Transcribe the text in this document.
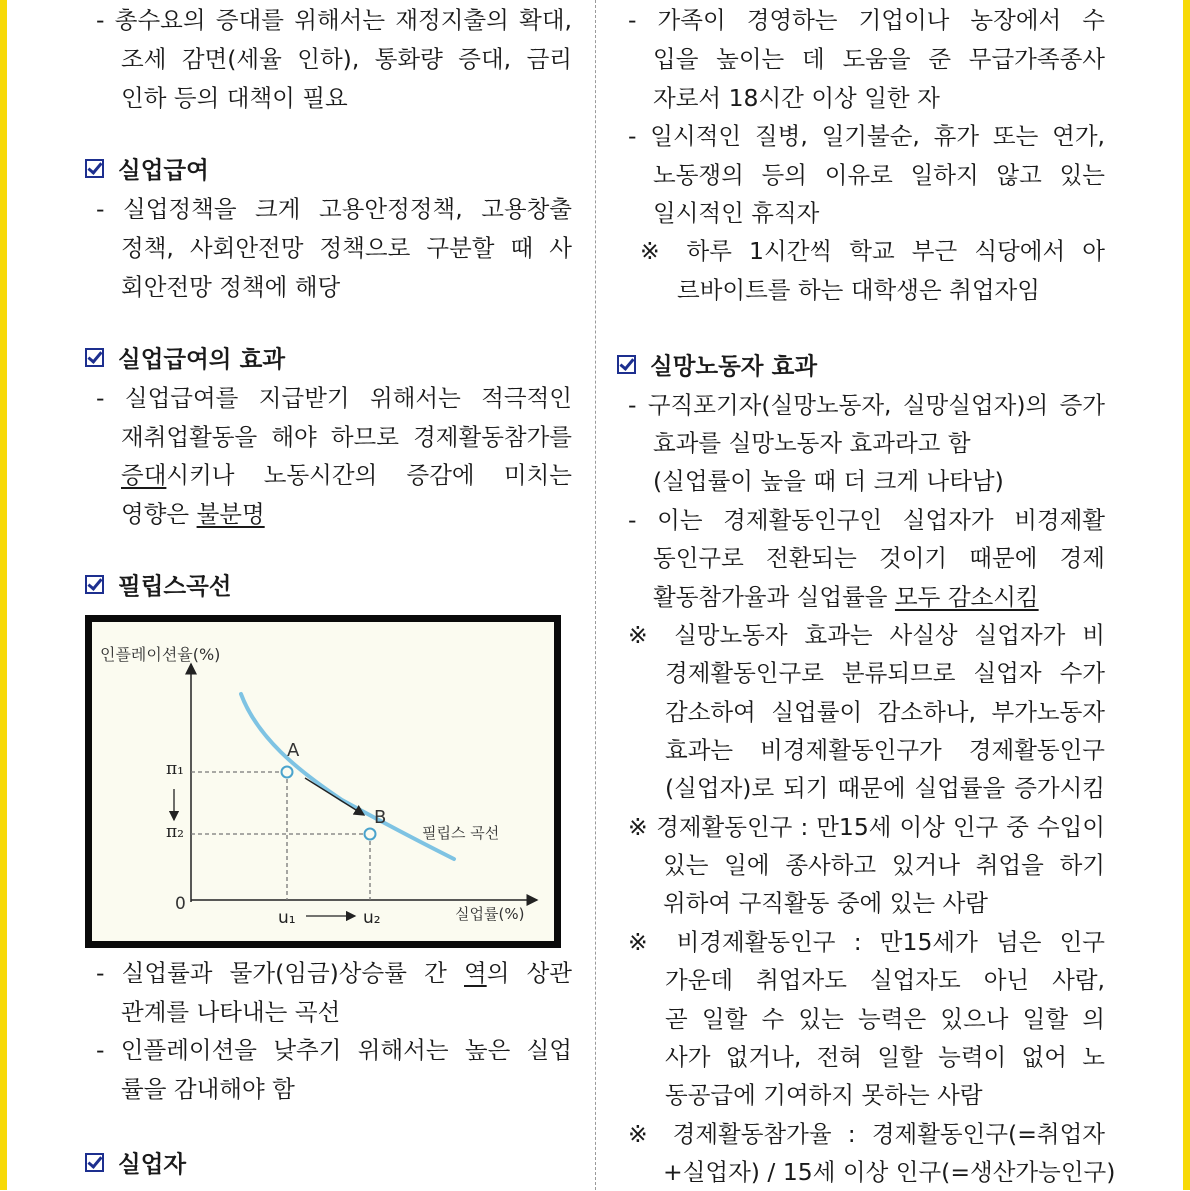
- 총수요의 증대를 위해서는 재정지출의 확대,
조세 감면(세율 인하), 통화량 증대, 금리
인하 등의 대책이 필요
실업급여
- 실업정책을 크게 고용안정정책, 고용창출
정책, 사회안전망 정책으로 구분할 때 사
회안전망 정책에 해당
실업급여의 효과
- 실업급여를 지급받기 위해서는 적극적인
재취업활동을 해야 하므로 경제활동참가를
증대시키나 노동시간의 증감에 미치는
영향은 불분명
필립스곡선
- 실업률과 물가(임금)상승률 간 역의 상관
관계를 나타내는 곡선
- 인플레이션을 낮추기 위해서는 높은 실업
률을 감내해야 함
실업자
인플레이션율(%)
0
π₁
π₂
u₁	u₂
A
B
필립스 곡선
실업률(%)
- 가족이 경영하는 기업이나 농장에서 수
입을 높이는 데 도움을 준 무급가족종사
자로서 18시간 이상 일한 자
- 일시적인 질병, 일기불순, 휴가 또는 연가,
노동쟁의 등의 이유로 일하지 않고 있는
일시적인 휴직자
※ 하루 1시간씩 학교 부근 식당에서 아
르바이트를 하는 대학생은 취업자임
실망노동자 효과
- 구직포기자(실망노동자, 실망실업자)의 증가
효과를 실망노동자 효과라고 함
(실업률이 높을 때 더 크게 나타남)
- 이는 경제활동인구인 실업자가 비경제활
동인구로 전환되는 것이기 때문에 경제
활동참가율과 실업률을 모두 감소시킴
※ 실망노동자 효과는 사실상 실업자가 비
경제활동인구로 분류되므로 실업자 수가
감소하여 실업률이 감소하나, 부가노동자
효과는 비경제활동인구가 경제활동인구
(실업자)로 되기 때문에 실업률을 증가시킴
※ 경제활동인구 : 만15세 이상 인구 중 수입이
있는 일에 종사하고 있거나 취업을 하기
위하여 구직활동 중에 있는 사람
※ 비경제활동인구 : 만15세가 넘은 인구
가운데 취업자도 실업자도 아닌 사람,
곧 일할 수 있는 능력은 있으나 일할 의
사가 없거나, 전혀 일할 능력이 없어 노
동공급에 기여하지 못하는 사람
※ 경제활동참가율 : 경제활동인구(=취업자
+실업자) / 15세 이상 인구(=생산가능인구)
